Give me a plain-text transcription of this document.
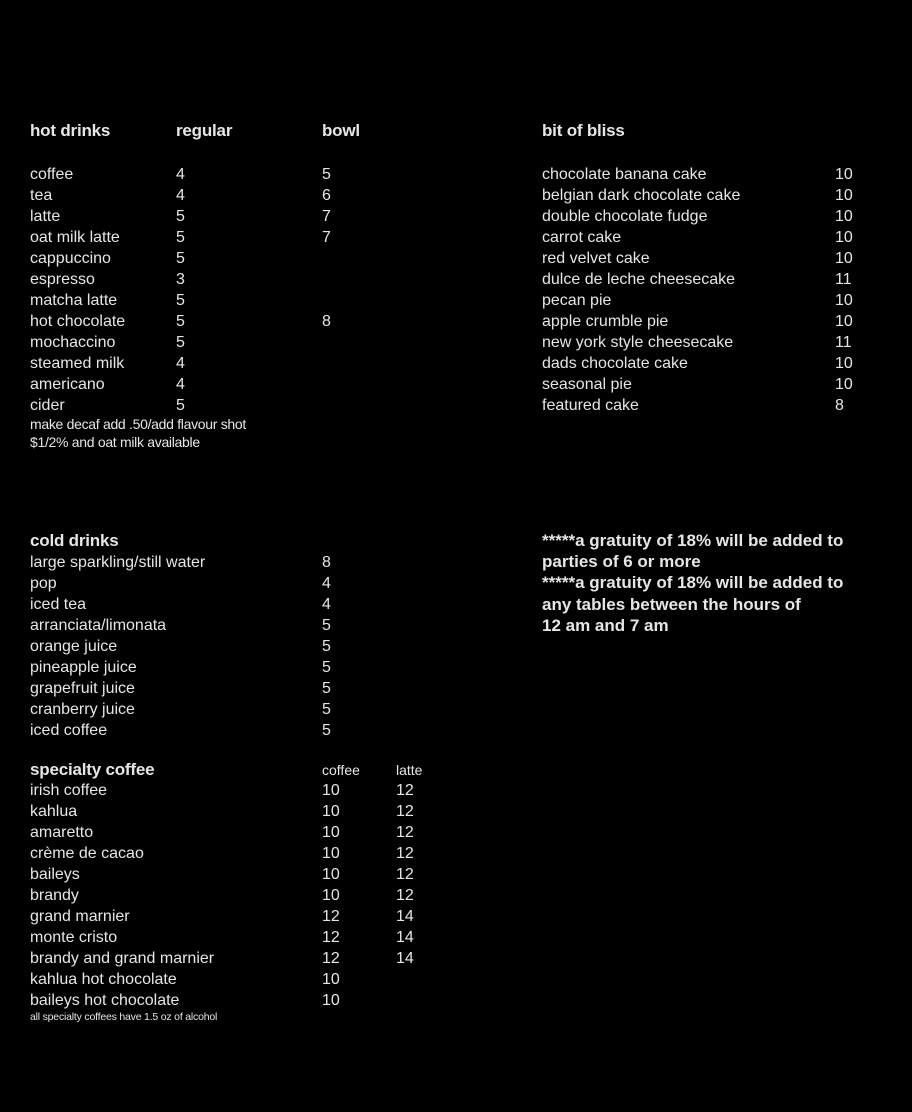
hot drinks	regular	bowl
coffee	4	5
tea	4	6
latte	5	7
oat milk latte	5	7
cappuccino	5
espresso	3
matcha latte	5
hot chocolate	5	8
mochaccino	5
steamed milk	4
americano	4
cider	5
make decaf add .50/add flavour shot
$1/2% and oat milk available
bit of bliss
chocolate banana cake	10
belgian dark chocolate cake	10
double chocolate fudge	10
carrot cake	10
red velvet cake	10
dulce de leche cheesecake	11
pecan pie	10
apple crumble pie	10
new york style cheesecake	11
dads chocolate cake	10
seasonal pie	10
featured cake	8
cold drinks
large sparkling/still water	8
pop	4
iced tea	4
arranciata/limonata	5
orange juice	5
pineapple juice	5
grapefruit juice	5
cranberry juice	5
iced coffee	5
specialty coffee	coffee	latte
irish coffee	10	12
kahlua	10	12
amaretto	10	12
crème de cacao	10	12
baileys	10	12
brandy	10	12
grand marnier	12	14
monte cristo	12	14
brandy and grand marnier	12	14
kahlua hot chocolate	10
baileys hot chocolate	10
all specialty coffees have 1.5 oz of alcohol
*****a gratuity of 18% will be added to
parties of 6 or more
*****a gratuity of 18% will be added to
any tables between the hours of
12 am and 7 am
